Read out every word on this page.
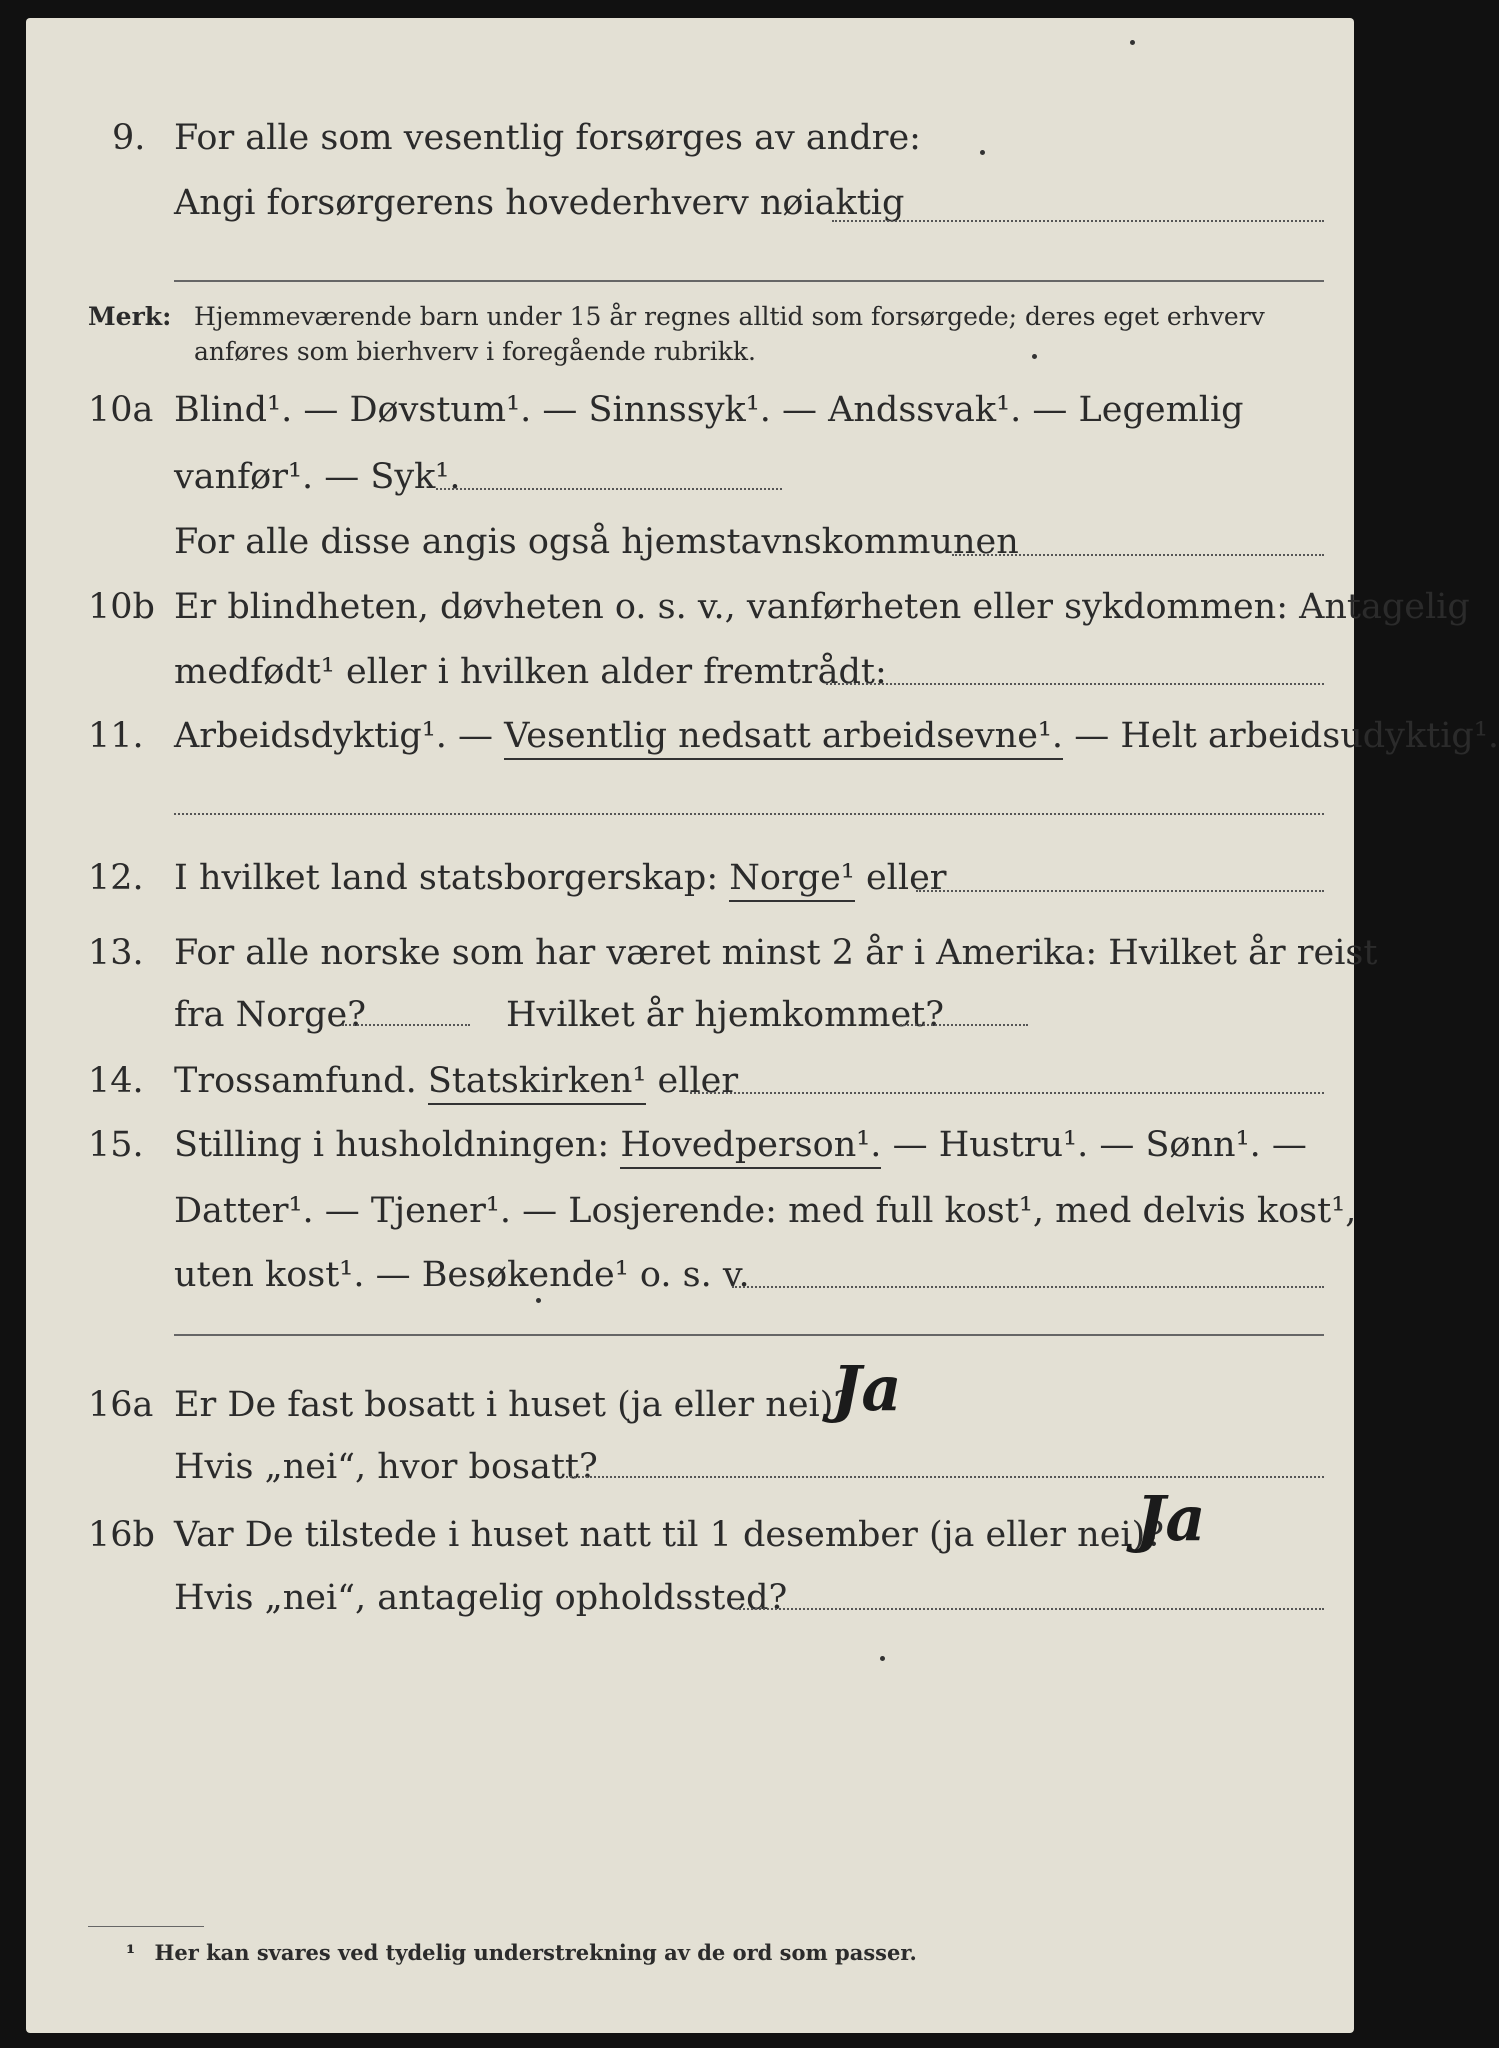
9. For alle som vesentlig forsørges av andre:
Angi forsørgerens hovederhverv nøiaktig
Merk: Hjemmeværende barn under 15 år regnes alltid som forsørgede; deres eget erhverv
anføres som bierhverv i foregående rubrikk.
10a Blind¹. — Døvstum¹. — Sinnssyk¹. — Andssvak¹. — Legemlig
vanfør¹. — Syk¹.
For alle disse angis også hjemstavnskommunen
10b Er blindheten, døvheten o. s. v., vanførheten eller sykdommen: Antagelig
medfødt¹ eller i hvilken alder fremtrådt:
11. Arbeidsdyktig¹. — Vesentlig nedsatt arbeidsevne¹. — Helt arbeidsudyktig¹.
12. I hvilket land statsborgerskap: Norge¹ eller
13. For alle norske som har været minst 2 år i Amerika: Hvilket år reist
fra Norge?	Hvilket år hjemkommet?
14. Trossamfund. Statskirken¹ eller
15. Stilling i husholdningen: Hovedperson¹. — Hustru¹. — Sønn¹. —
Datter¹. — Tjener¹. — Losjerende: med full kost¹, med delvis kost¹,
uten kost¹. — Besøkende¹ o. s. v.
16a Er De fast bosatt i huset (ja eller nei)?
Ja
Hvis „nei“, hvor bosatt?
16b Var De tilstede i huset natt til 1 desember (ja eller nei)?
Ja
Hvis „nei“, antagelig opholdssted?
¹ Her kan svares ved tydelig understrekning av de ord som passer.
